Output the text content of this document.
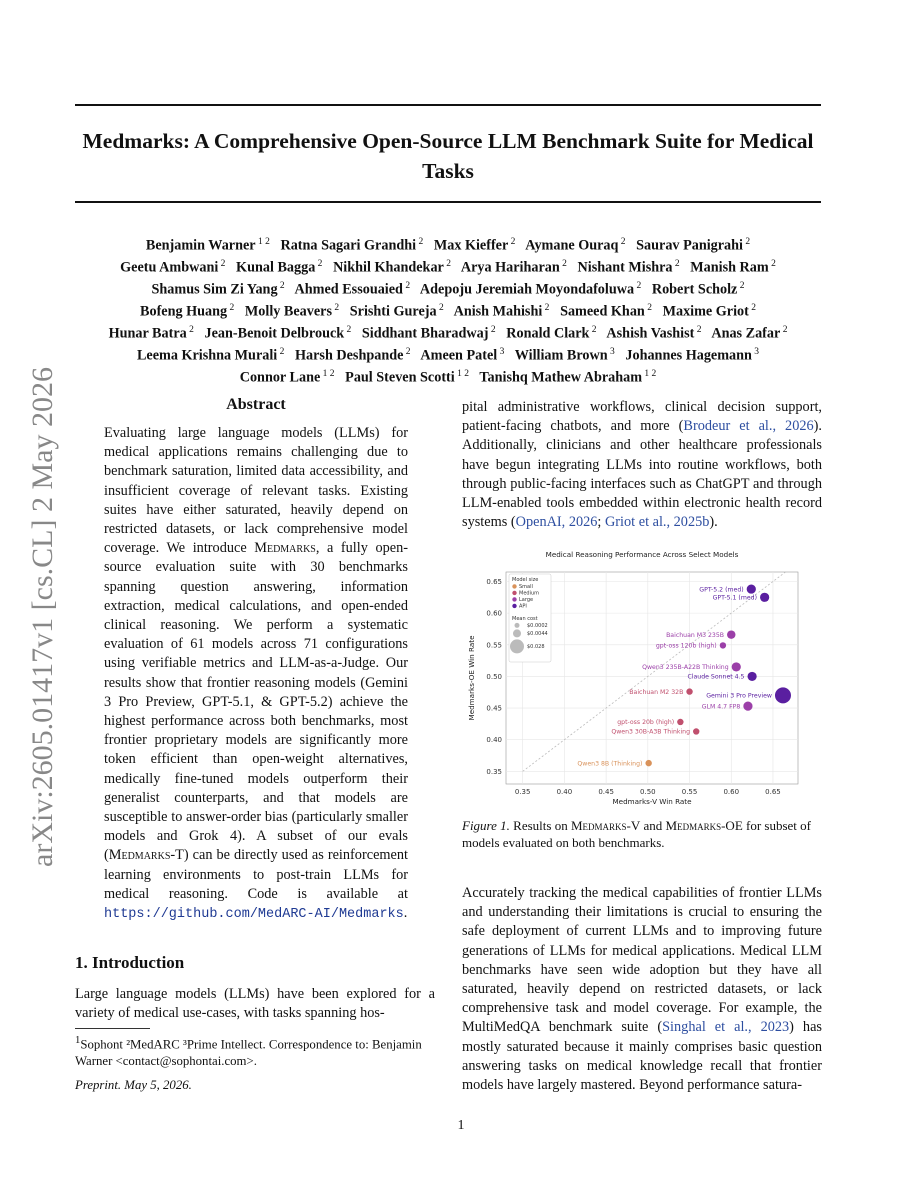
Medmarks: A Comprehensive Open-Source LLM Benchmark Suite for Medical
Tasks
Benjamin Warner $^{1 2}$ Ratna Sagari Grandhi $^2$ Max Kieffer $^2$ Aymane Ouraq $^2$ Saurav Panigrahi $^2$
Geetu Ambwani $^2$ Kunal Bagga $^2$ Nikhil Khandekar $^2$ Arya Hariharan $^2$ Nishant Mishra $^2$ Manish Ram $^2$
Shamus Sim Zi Yang $^2$ Ahmed Essouaied $^2$ Adepoju Jeremiah Moyondafoluwa $^2$ Robert Scholz $^2$
Bofeng Huang $^2$ Molly Beavers $^2$ Srishti Gureja $^2$ Anish Mahishi $^2$ Sameed Khan $^2$ Maxime Griot $^2$
Hunar Batra $^2$ Jean-Benoit Delbrouck $^2$ Siddhant Bharadwaj $^2$ Ronald Clark $^2$ Ashish Vashist $^2$ Anas Zafar $^2$
Leema Krishna Murali $^2$ Harsh Deshpande $^2$ Ameen Patel $^3$ William Brown $^3$ Johannes Hagemann $^3$
Connor Lane $^{1 2}$ Paul Steven Scotti $^{1 2}$ Tanishq Mathew Abraham $^{1 2}$
arXiv:2605.01417v1 [cs.CL] 2 May 2026	Abstract
Evaluating large language models (LLMs) for medical applications remains challenging due to benchmark saturation, limited data accessibility, and insufficient coverage of relevant tasks. Existing suites have either saturated, heavily depend on restricted datasets, or lack comprehensive model coverage. We introduce Medmarks, a fully open-source evaluation suite with 30 benchmarks spanning question answering, information extraction, medical calculations, and open-ended clinical reasoning. We perform a systematic evaluation of 61 models across 71 configurations using verifiable metrics and LLM-as-a-Judge. Our results show that frontier reasoning models (Gemini 3 Pro Preview, GPT-5.1, & GPT-5.2) achieve the highest performance across both benchmarks, most frontier proprietary models are significantly more token efficient than open-weight alternatives, medically fine-tuned models outperform their generalist counterparts, and that models are susceptible to answer-order bias (particularly smaller models and Grok 4). A subset of our evals (Medmarks-T) can be directly used as reinforcement learning environments to post-train LLMs for medical reasoning. Code is available at https://github.com/MedARC-AI/Medmarks.
1. Introduction
Large language models (LLMs) have been explored for a variety of medical use-cases, with tasks spanning hos-
$^1$Sophont ²MedARC ³Prime Intellect. Correspondence to: Benjamin Warner <contact@sophontai.com>.
Preprint. May 5, 2026.
pital administrative workflows, clinical decision support, patient-facing chatbots, and more (Brodeur et al., 2026). Additionally, clinicians and other healthcare professionals have begun integrating LLMs into routine workflows, both through public-facing interfaces such as ChatGPT and through LLM-enabled tools embedded within electronic health record systems (OpenAI, 2026; Griot et al., 2025b).
Medical Reasoning Performance Across Select Models
0.35	0.40	0.45	0.50	0.55	0.60	0.65
0.35
0.40
0.45
0.50
0.55
0.60
0.65
Medmarks-V Win Rate
Medmarks-OE Win Rate
Model size
Small
Medium
Large
API
Mean cost
$0.0002
$0.0044
$0.028
GPT-5.2 (med)
GPT-5.1 (med)
Baichuan M3 235B
gpt-oss 120b (high)
Qwen3 235B-A22B Thinking
Claude Sonnet 4.5
Baichuan M2 32B
Gemini 3 Pro Preview
GLM 4.7 FP8
gpt-oss 20b (high)
Qwen3 30B-A3B Thinking
Qwen3 8B (Thinking)
Figure 1. Results on Medmarks-V and Medmarks-OE for subset of models evaluated on both benchmarks.
Accurately tracking the medical capabilities of frontier LLMs and understanding their limitations is crucial to ensuring the safe deployment of current LLMs and to improving future generations of LLMs for medical applications. Medical LLM benchmarks have seen wide adoption but they have all saturated, heavily depend on restricted datasets, or lack comprehensive task and model coverage. For example, the MultiMedQA benchmark suite (Singhal et al., 2023) has mostly saturated because it mainly comprises basic question answering tasks on medical knowledge recall that frontier models have largely mastered. Beyond performance satura-
1
